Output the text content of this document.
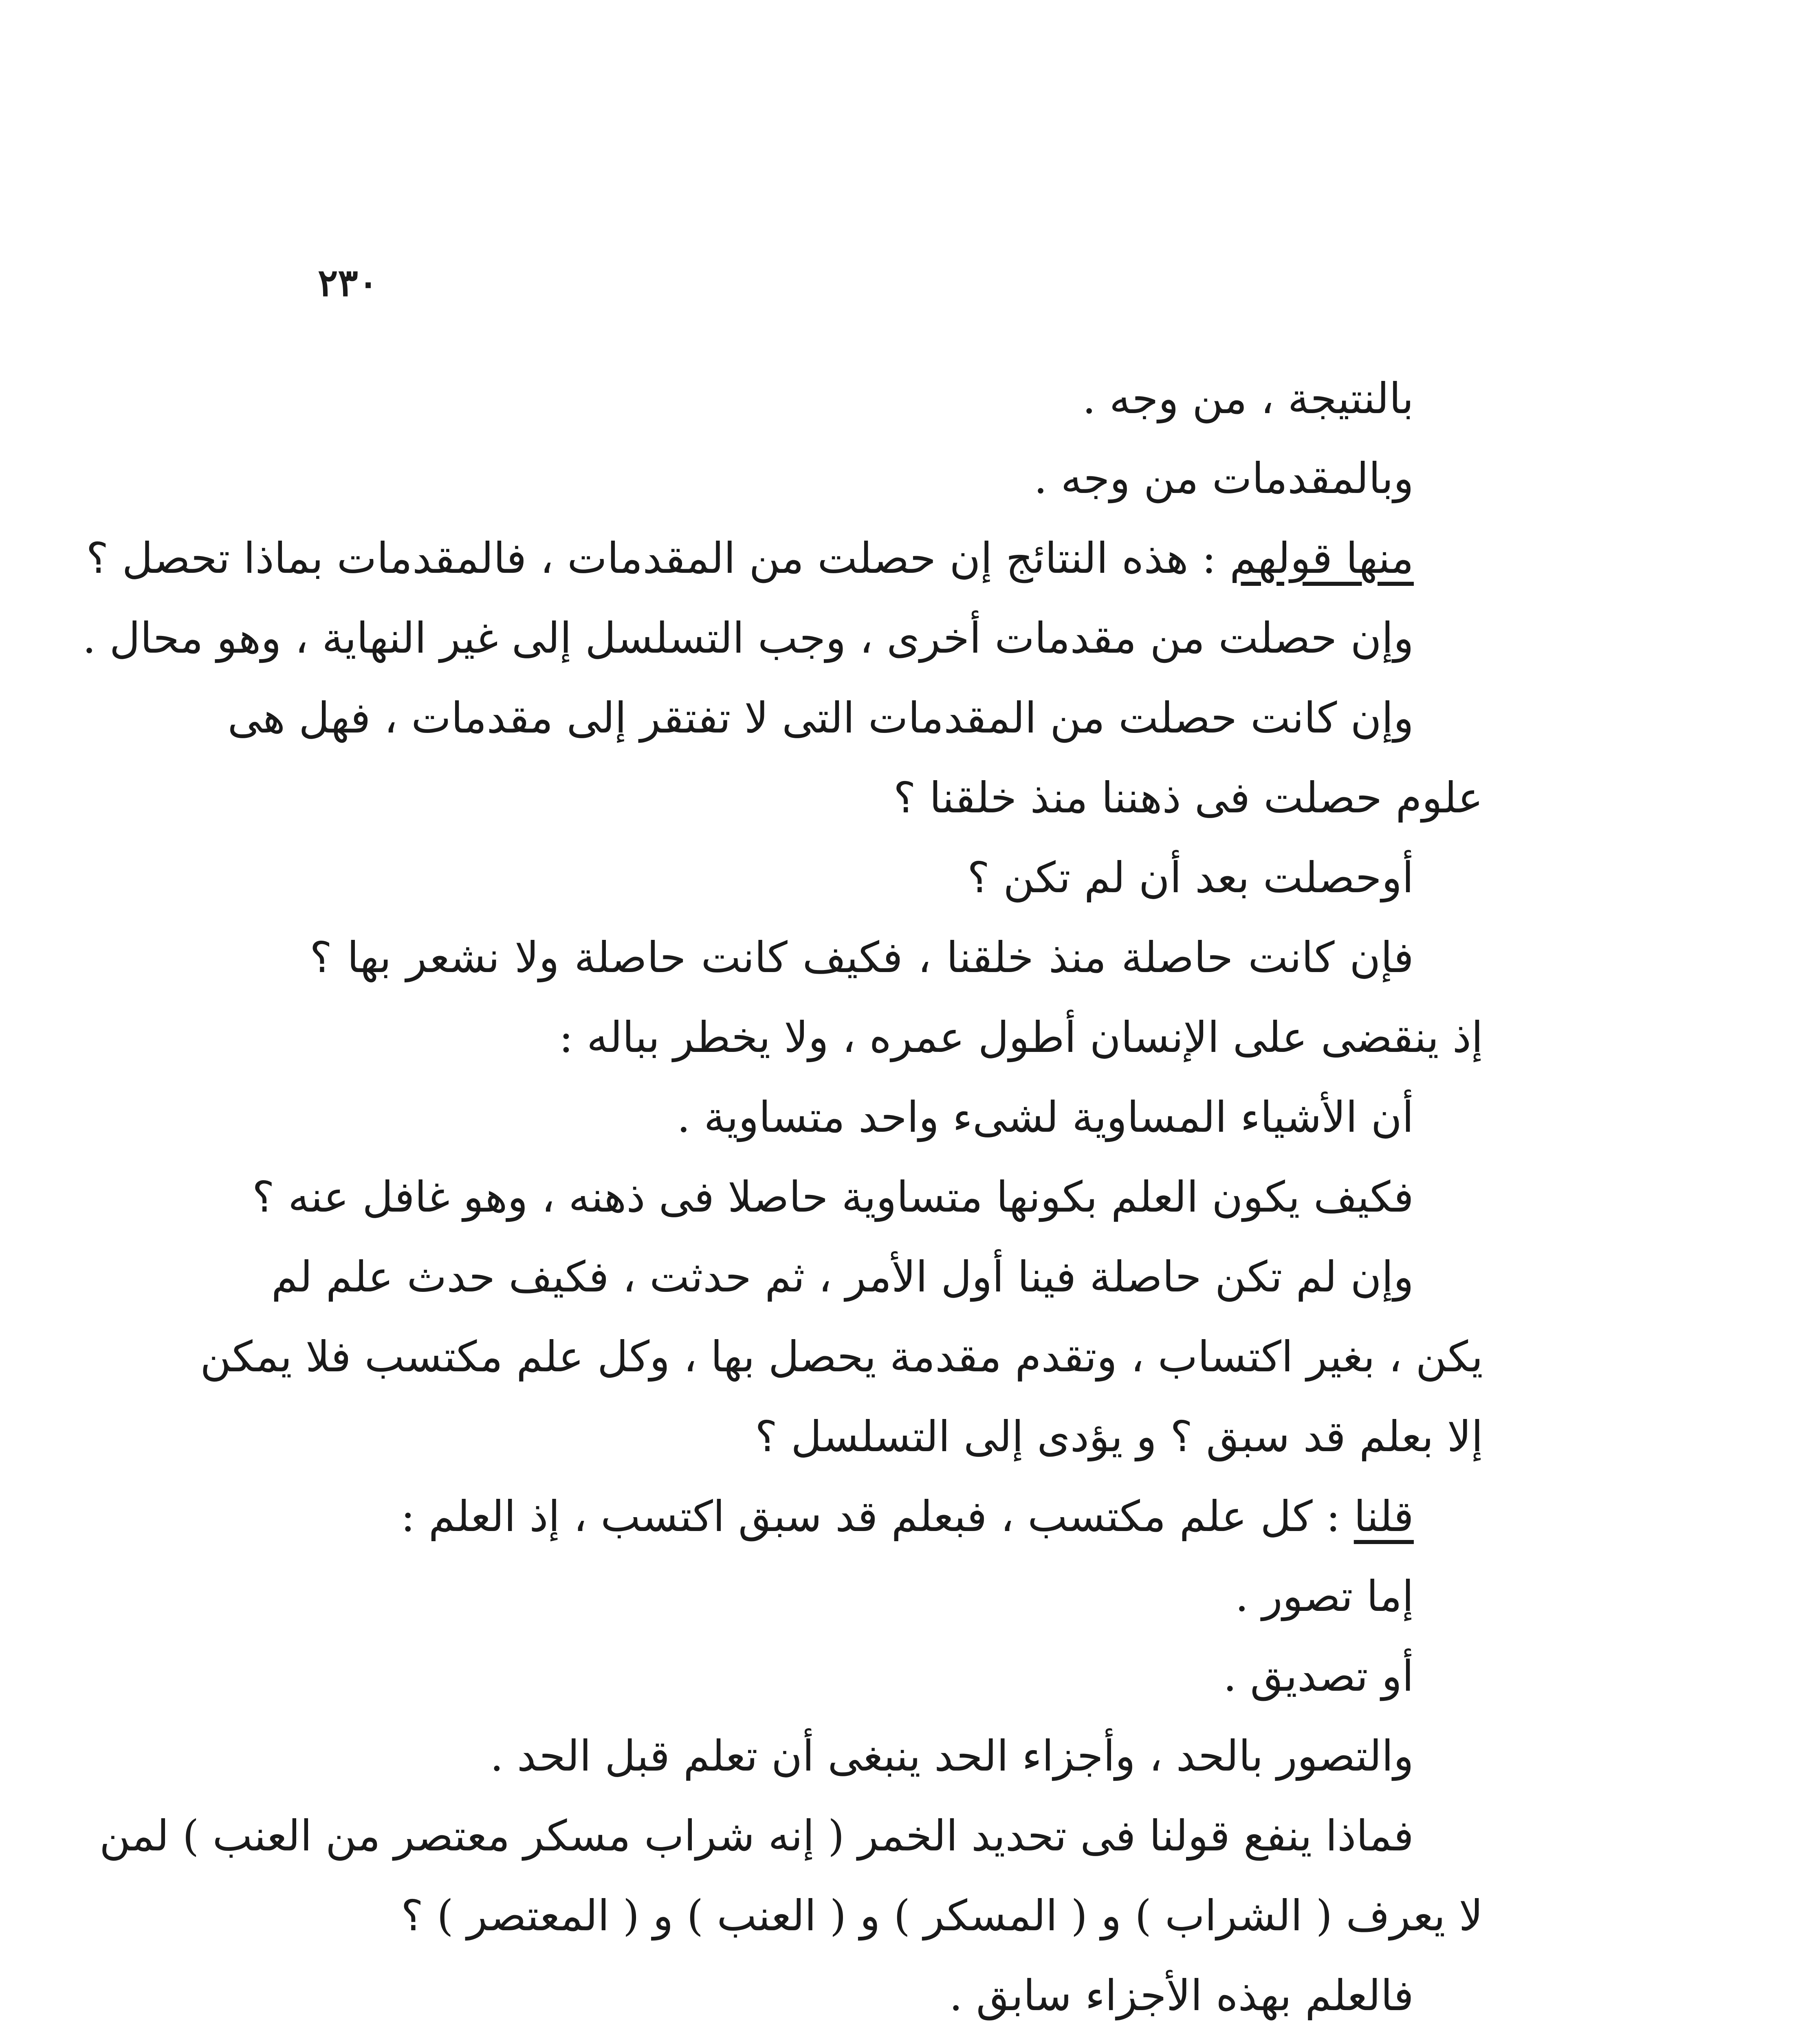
۲۳۰
بالنتيجة ، من وجه .
وبالمقدمات من وجه .
منها قولهم : هذه النتائج إن حصلت من المقدمات ، فالمقدمات بماذا تحصل ؟
وإن حصلت من مقدمات أخرى ، وجب التسلسل إلى غير النهاية ، وهو محال .
وإن كانت حصلت من المقدمات التى لا تفتقر إلى مقدمات ، فهل هى
علوم حصلت فى ذهننا منذ خلقنا ؟
أوحصلت بعد أن لم تكن ؟
فإن كانت حاصلة منذ خلقنا ، فكيف كانت حاصلة ولا نشعر بها ؟
إذ ينقضى على الإنسان أطول عمره ، ولا يخطر بباله :
أن الأشياء المساوية لشىء واحد متساوية .
فكيف يكون العلم بكونها متساوية حاصلا فى ذهنه ، وهو غافل عنه ؟
وإن لم تكن حاصلة فينا أول الأمر ، ثم حدثت ، فكيف حدث علم لم
يكن ، بغير اكتساب ، وتقدم مقدمة يحصل بها ، وكل علم مكتسب فلا يمكن
إلا بعلم قد سبق ؟ و يؤدى إلى التسلسل ؟
قلنا : كل علم مكتسب ، فبعلم قد سبق اكتسب ، إذ العلم :
إما تصور .
أو تصديق .
والتصور بالحد ، وأجزاء الحد ينبغى أن تعلم قبل الحد .
فماذا ينفع قولنا فى تحديد الخمر ( إنه شراب مسكر معتصر من العنب ) لمن
لا يعرف ( الشراب ) و ( المسكر ) و ( العنب ) و ( المعتصر ) ؟
فالعلم بهذه الأجزاء سابق .
